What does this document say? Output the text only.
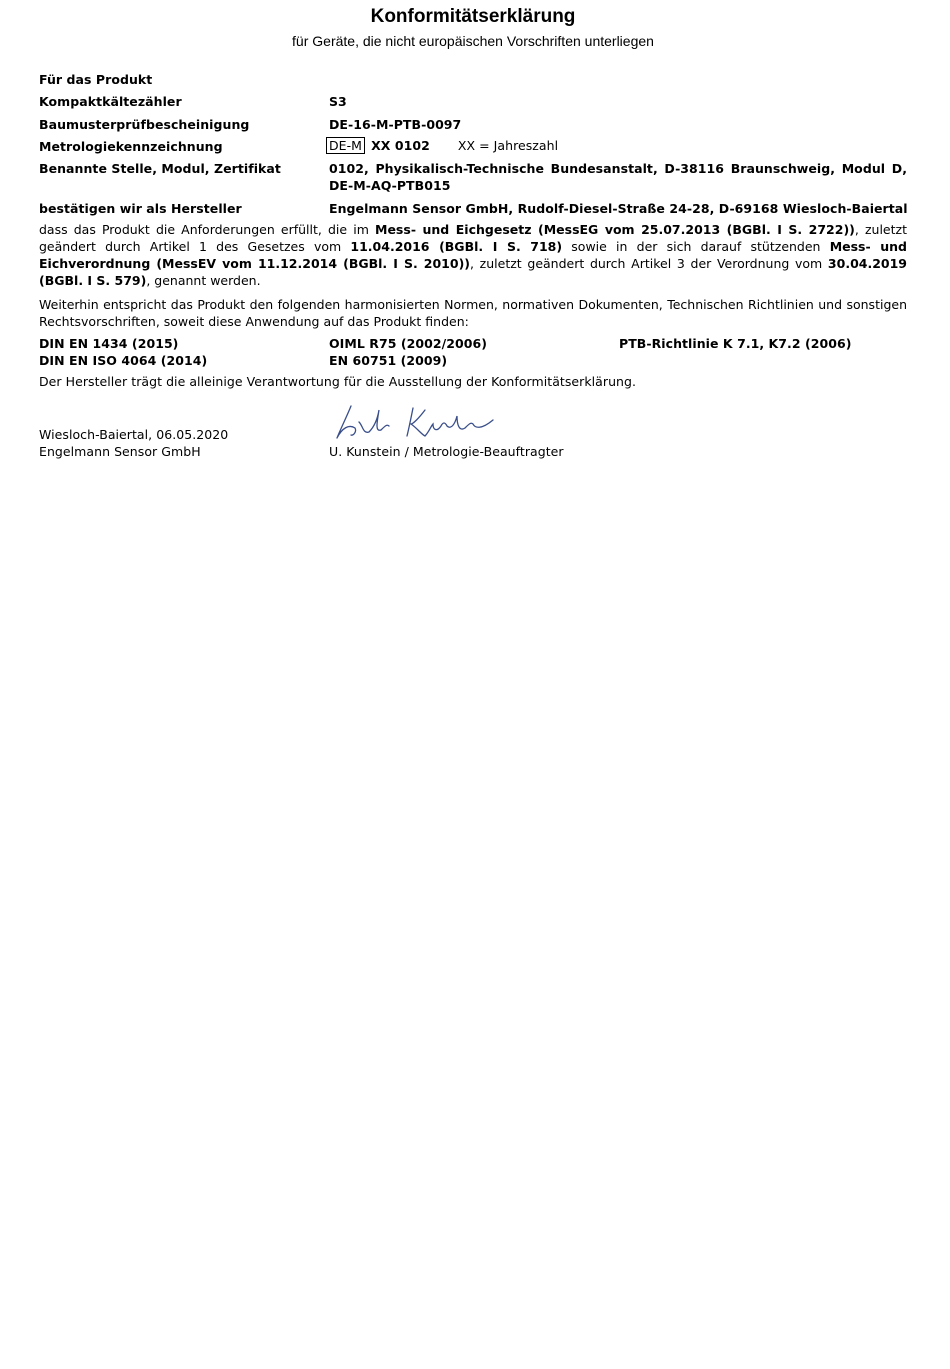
Konformitätserklärung
für Geräte, die nicht europäischen Vorschriften unterliegen
Für das Produkt
Kompaktkältezähler	S3
Baumusterprüfbescheinigung	DE-16-M-PTB-0097
Metrologiekennzeichnung	DE-M XX 0102 XX = Jahreszahl
Benannte Stelle, Modul, Zertifikat	0102, Physikalisch-Technische Bundesanstalt, D-38116 Braunschweig, Modul D,
DE-M-AQ-PTB015
bestätigen wir als Hersteller	Engelmann Sensor GmbH, Rudolf-Diesel-Straße 24-28, D-69168 Wiesloch-Baiertal
dass das Produkt die Anforderungen erfüllt, die im Mess- und Eichgesetz (MessEG vom 25.07.2013 (BGBl. I S. 2722)), zuletzt geändert durch Artikel 1 des Gesetzes vom 11.04.2016 (BGBl. I S. 718) sowie in der sich darauf stützenden Mess- und Eichverordnung (MessEV vom 11.12.2014 (BGBl. I S. 2010)), zuletzt geändert durch Artikel 3 der Verordnung vom 30.04.2019 (BGBl. I S. 579), genannt werden.
Weiterhin entspricht das Produkt den folgenden harmonisierten Normen, normativen Dokumenten, Technischen Richtlinien und sonstigen Rechtsvorschriften, soweit diese Anwendung auf das Produkt finden:
DIN EN 1434 (2015)	OIML R75 (2002/2006)	PTB-Richtlinie K 7.1, K7.2 (2006)
DIN EN ISO 4064 (2014)	EN 60751 (2009)
Der Hersteller trägt die alleinige Verantwortung für die Ausstellung der Konformitätserklärung.
Wiesloch-Baiertal, 06.05.2020
Engelmann Sensor GmbH	U. Kunstein / Metrologie-Beauftragter
